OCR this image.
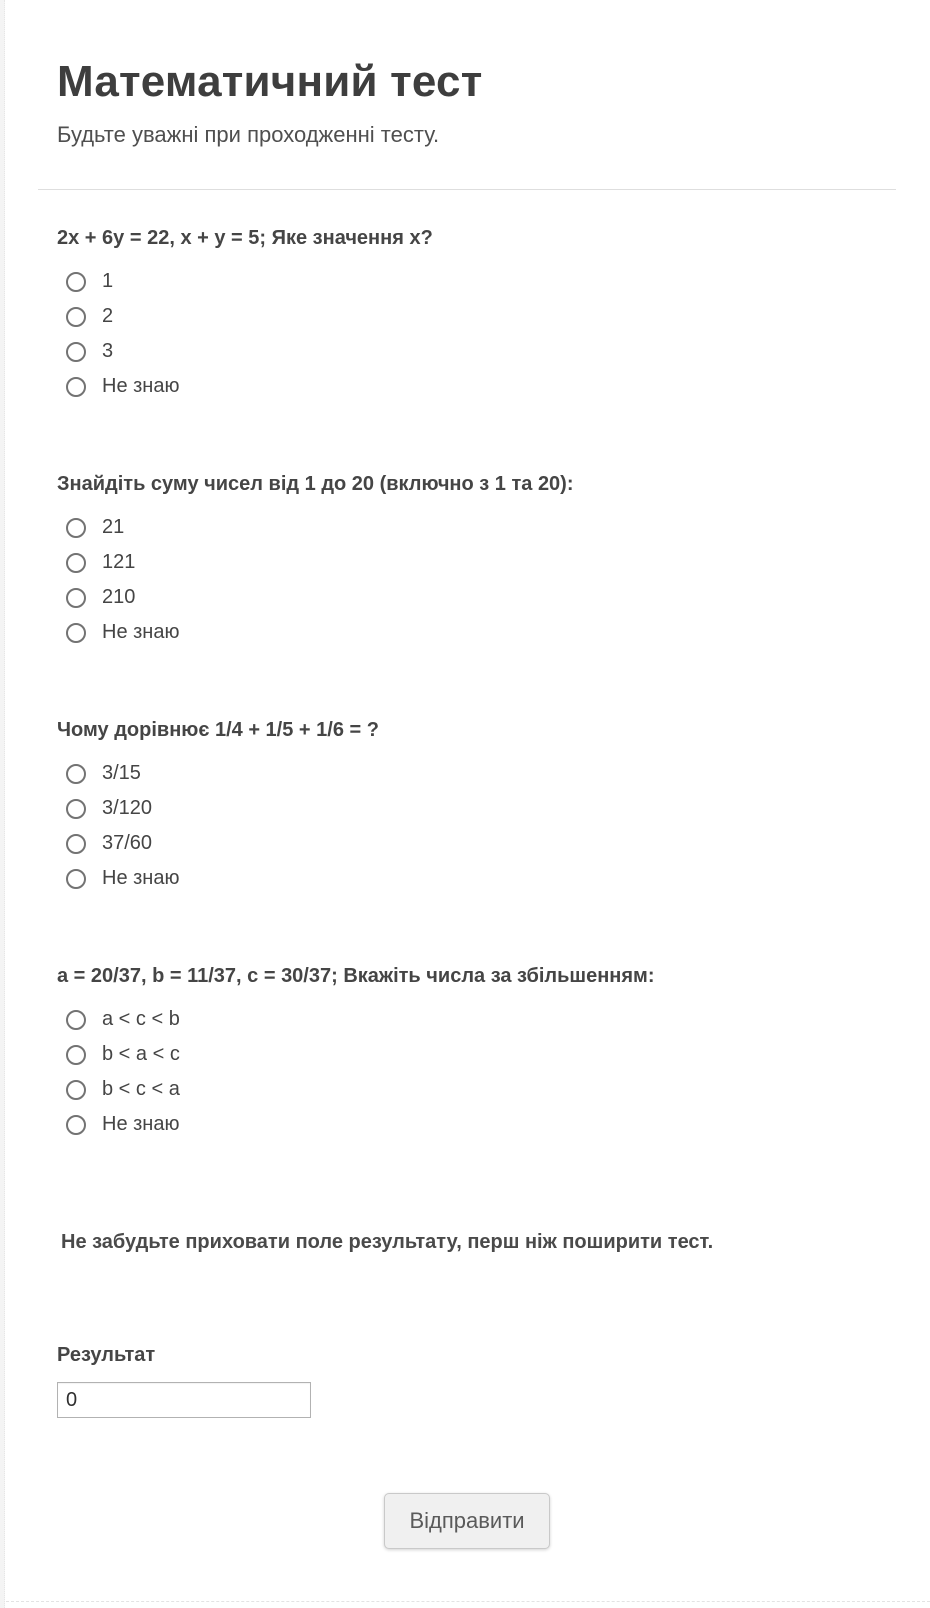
Математичний тест

Будьте уважні при проходженні тесту.

2x + 6y = 22, x + y = 5; Яке значення x?
1
2
3
Не знаю
Знайдіть суму чисел від 1 до 20 (включно з 1 та 20):
21
121
210
Не знаю
Чому дорівнює 1/4 + 1/5 + 1/6 = ?
3/15
3/120
37/60
Не знаю
a = 20/37, b = 11/37, c = 30/37; Вкажіть числа за збільшенням:
a < c < b
b < a < c
b < c < a
Не знаю

Не забудьте приховати поле результату, перш ніж поширити тест.

Результат
0
Відправити
